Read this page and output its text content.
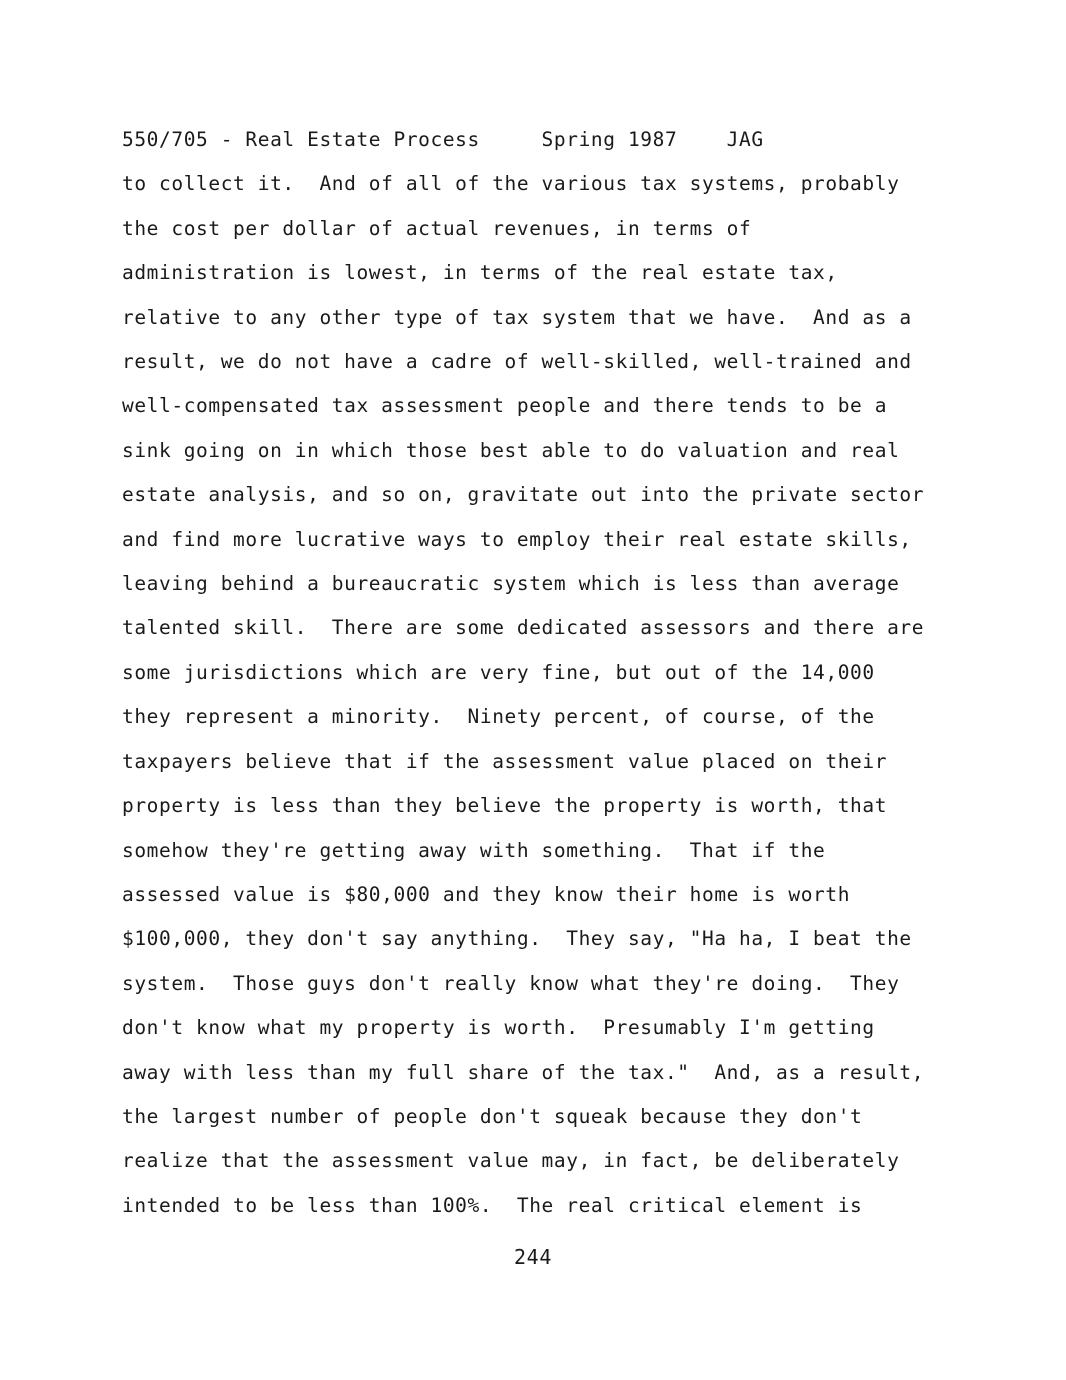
550/705 - Real Estate Process     Spring 1987    JAG
to collect it.  And of all of the various tax systems, probably
the cost per dollar of actual revenues, in terms of
administration is lowest, in terms of the real estate tax,
relative to any other type of tax system that we have.  And as a
result, we do not have a cadre of well-skilled, well-trained and
well-compensated tax assessment people and there tends to be a
sink going on in which those best able to do valuation and real
estate analysis, and so on, gravitate out into the private sector
and find more lucrative ways to employ their real estate skills,
leaving behind a bureaucratic system which is less than average
talented skill.  There are some dedicated assessors and there are
some jurisdictions which are very fine, but out of the 14,000
they represent a minority.  Ninety percent, of course, of the
taxpayers believe that if the assessment value placed on their
property is less than they believe the property is worth, that
somehow they're getting away with something.  That if the
assessed value is $80,000 and they know their home is worth
$100,000, they don't say anything.  They say, "Ha ha, I beat the
system.  Those guys don't really know what they're doing.  They
don't know what my property is worth.  Presumably I'm getting
away with less than my full share of the tax."  And, as a result,
the largest number of people don't squeak because they don't
realize that the assessment value may, in fact, be deliberately
intended to be less than 100%.  The real critical element is
244
